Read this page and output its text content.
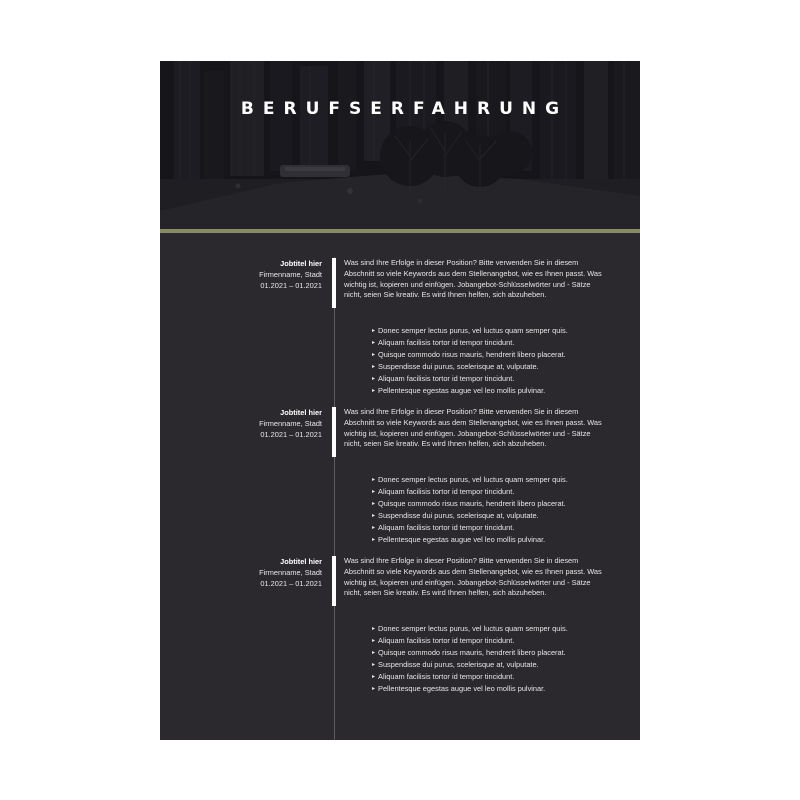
BERUFSERFAHRUNG
Jobtitel hier
Firmenname, Stadt
01.2021 – 01.2021
Was sind Ihre Erfolge in dieser Position? Bitte verwenden Sie in diesem Abschnitt so viele Keywords aus dem Stellenangebot, wie es Ihnen passt. Was wichtig ist, kopieren und einfügen. Jobangebot-Schlüsselwörter und - Sätze nicht, seien Sie kreativ. Es wird Ihnen helfen, sich abzuheben.
▸ Donec semper lectus purus, vel luctus quam semper quis.
▸ Aliquam facilisis tortor id tempor tincidunt.
▸ Quisque commodo risus mauris, hendrerit libero placerat.
▸ Suspendisse dui purus, scelerisque at, vulputate.
▸ Aliquam facilisis tortor id tempor tincidunt.
▸ Pellentesque egestas augue vel leo mollis pulvinar.
Jobtitel hier
Firmenname, Stadt
01.2021 – 01.2021
Was sind Ihre Erfolge in dieser Position? Bitte verwenden Sie in diesem Abschnitt so viele Keywords aus dem Stellenangebot, wie es Ihnen passt. Was wichtig ist, kopieren und einfügen. Jobangebot-Schlüsselwörter und - Sätze nicht, seien Sie kreativ. Es wird Ihnen helfen, sich abzuheben.
▸ Donec semper lectus purus, vel luctus quam semper quis.
▸ Aliquam facilisis tortor id tempor tincidunt.
▸ Quisque commodo risus mauris, hendrerit libero placerat.
▸ Suspendisse dui purus, scelerisque at, vulputate.
▸ Aliquam facilisis tortor id tempor tincidunt.
▸ Pellentesque egestas augue vel leo mollis pulvinar.
Jobtitel hier
Firmenname, Stadt
01.2021 – 01.2021
Was sind Ihre Erfolge in dieser Position? Bitte verwenden Sie in diesem Abschnitt so viele Keywords aus dem Stellenangebot, wie es Ihnen passt. Was wichtig ist, kopieren und einfügen. Jobangebot-Schlüsselwörter und - Sätze nicht, seien Sie kreativ. Es wird Ihnen helfen, sich abzuheben.
▸ Donec semper lectus purus, vel luctus quam semper quis.
▸ Aliquam facilisis tortor id tempor tincidunt.
▸ Quisque commodo risus mauris, hendrerit libero placerat.
▸ Suspendisse dui purus, scelerisque at, vulputate.
▸ Aliquam facilisis tortor id tempor tincidunt.
▸ Pellentesque egestas augue vel leo mollis pulvinar.
